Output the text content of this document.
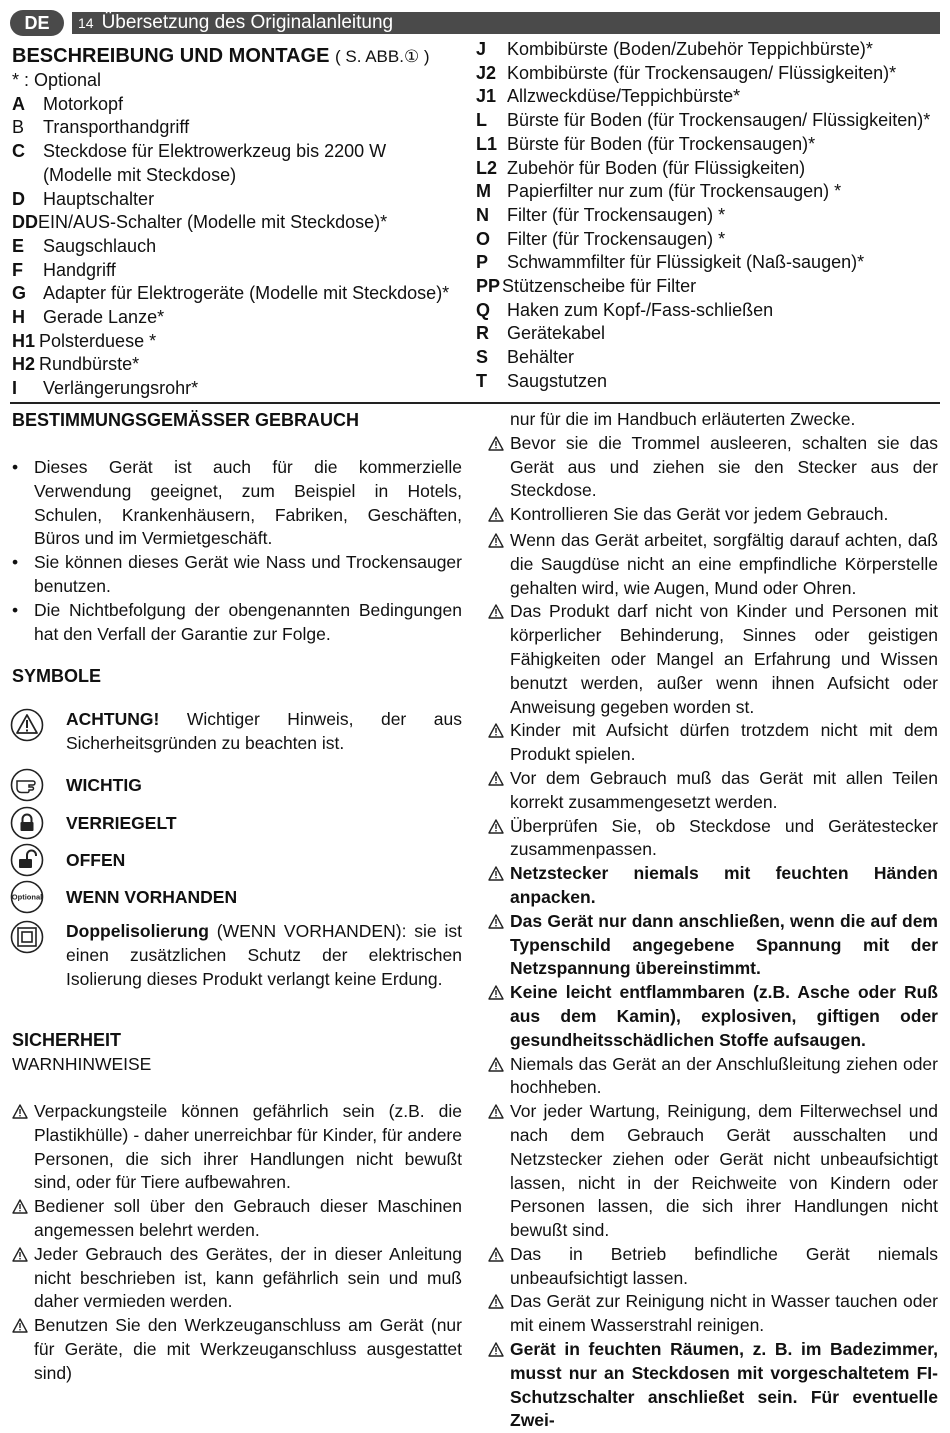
DE	14 Übersetzung des Originalanleitung
BESCHREIBUNG UND MONTAGE ( S. ABB.① )
* : Optional
A	Motorkopf
B	Transporthandgriff
C	Steckdose für Elektrowerkzeug bis 2200 W
(Modelle mit Steckdose)
D	Hauptschalter
DD EIN/AUS-Schalter (Modelle mit Steckdose)*
E	Saugschlauch
F	Handgriff
G Adapter für Elektrogeräte (Modelle mit Steckdose)*
H	Gerade Lanze*
H1 Polsterduese *
H2 Rundbürste*
I	Verlängerungsrohr*
J	Kombibürste (Boden/Zubehör Teppichbürste)*
J2 Kombibürste (für Trockensaugen/ Flüssigkeiten)*
J1 Allzweckdüse/Teppichbürste*
L	Bürste für Boden (für Trockensaugen/ Flüssigkeiten)*
L1 Bürste für Boden (für Trockensaugen)*
L2 Zubehör für Boden (für Flüssigkeiten)
M Papierfilter nur zum (für Trockensaugen) *
N	Filter (für Trockensaugen) *
O Filter (für Trockensaugen) *
P	Schwammfilter für Flüssigkeit (Naß-saugen)*
PP Stützenscheibe für Filter
Q Haken zum Kopf-/Fass-schließen
R	Gerätekabel
S	Behälter
T	Saugstutzen
BESTIMMUNGSGEMÄSSER GEBRAUCH
• Dieses Gerät ist auch für die kommerzielle Verwendung geeignet, zum Beispiel in Hotels, Schulen, Krankenhäusern, Fabriken, Geschäften, Büros und im Vermietgeschäft.
• Sie können dieses Gerät wie Nass und Trockensauger benutzen.
• Die Nichtbefolgung der obengenannten Bedingungen hat den Verfall der Garantie zur Folge.
SYMBOLE
ACHTUNG! Wichtiger Hinweis, der aus Sicherheitsgründen zu beachten ist.
WICHTIG
VERRIEGELT
OFFEN
Optional WENN VORHANDEN
Doppelisolierung (WENN VORHANDEN): sie ist einen zusätzlichen Schutz der elektrischen Isolierung dieses Produkt verlangt keine Erdung.
SICHERHEIT
WARNHINWEISE
Verpackungsteile können gefährlich sein (z.B. die Plastikhülle) - daher unerreichbar für Kinder, für andere Personen, die sich ihrer Handlungen nicht bewußt sind, oder für Tiere aufbewahren.
Bediener soll über den Gebrauch dieser Maschinen angemessen belehrt werden.
Jeder Gebrauch des Gerätes, der in dieser Anleitung nicht beschrieben ist, kann gefährlich sein und muß daher vermieden werden.
Benutzen Sie den Werkzeuganschluss am Gerät (nur für Geräte, die mit Werkzeuganschluss ausgestattet sind)
nur für die im Handbuch erläuterten Zwecke.
Bevor sie die Trommel ausleeren, schalten sie das Gerät aus und ziehen sie den Stecker aus der Steckdose.
Kontrollieren Sie das Gerät vor jedem Gebrauch.
Wenn das Gerät arbeitet, sorgfältig darauf achten, daß die Saugdüse nicht an eine empfindliche Körperstelle gehalten wird, wie Augen, Mund oder Ohren.
Das Produkt darf nicht von Kinder und Personen mit körperlicher Behinderung, Sinnes oder geistigen Fähigkeiten oder Mangel an Erfahrung und Wissen benutzt werden, außer wenn ihnen Aufsicht oder Anweisung gegeben worden st.
Kinder mit Aufsicht dürfen trotzdem nicht mit dem Produkt spielen.
Vor dem Gebrauch muß das Gerät mit allen Teilen korrekt zusammengesetzt werden.
Überprüfen Sie, ob Steckdose und Gerätestecker zusammenpassen.
Netzstecker niemals mit feuchten Händen anpacken.
Das Gerät nur dann anschließen, wenn die auf dem Typenschild angegebene Spannung mit der Netzspannung übereinstimmt.
Keine leicht entflammbaren (z.B. Asche oder Ruß aus dem Kamin), explosiven, giftigen oder gesundheitsschädlichen Stoffe aufsaugen.
Niemals das Gerät an der Anschlußleitung ziehen oder hochheben.
Vor jeder Wartung, Reinigung, dem Filterwechsel und nach dem Gebrauch Gerät ausschalten und Netzstecker ziehen oder Gerät nicht unbeaufsichtigt lassen, nicht in der Reichweite von Kindern oder Personen lassen, die sich ihrer Handlungen nicht bewußt sind.
Das in Betrieb befindliche Gerät niemals unbeaufsichtigt lassen.
Das Gerät zur Reinigung nicht in Wasser tauchen oder mit einem Wasserstrahl reinigen.
Gerät in feuchten Räumen, z. B. im Badezimmer, musst nur an Steckdosen mit vorgeschaltetem FI-Schutzschalter anschließet sein. Für eventuelle Zwei-
